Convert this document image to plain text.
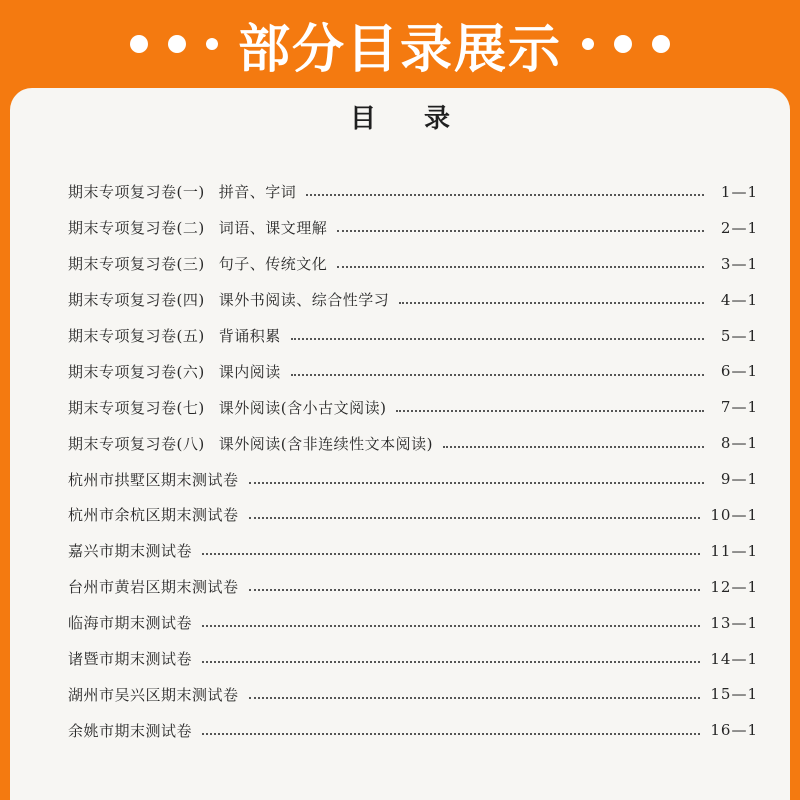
部分目录展示
目录
期末专项复习卷(一) 拼音、字词	1—1
期末专项复习卷(二) 词语、课文理解	2—1
期末专项复习卷(三) 句子、传统文化	3—1
期末专项复习卷(四) 课外书阅读、综合性学习	4—1
期末专项复习卷(五) 背诵积累	5—1
期末专项复习卷(六) 课内阅读	6—1
期末专项复习卷(七) 课外阅读(含小古文阅读)	7—1
期末专项复习卷(八) 课外阅读(含非连续性文本阅读)	8—1
杭州市拱墅区期末测试卷	9—1
杭州市余杭区期末测试卷	10—1
嘉兴市期末测试卷	11—1
台州市黄岩区期末测试卷	12—1
临海市期末测试卷	13—1
诸暨市期末测试卷	14—1
湖州市吴兴区期末测试卷	15—1
余姚市期末测试卷	16—1
